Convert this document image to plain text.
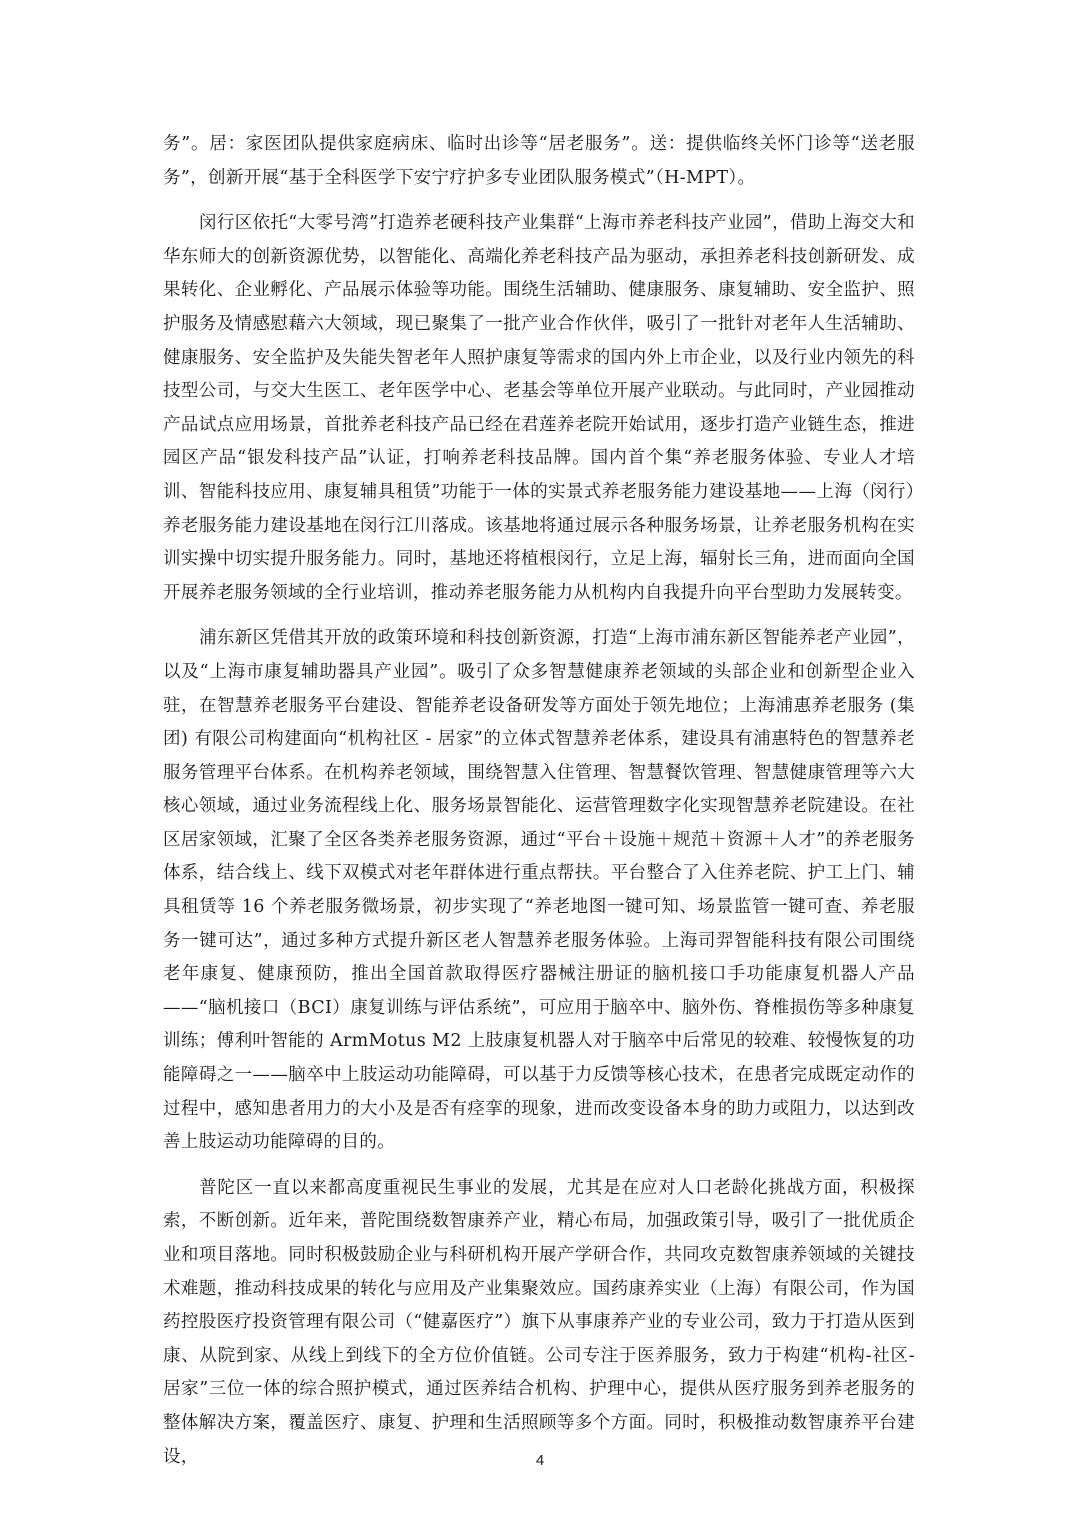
务”。居：家医团队提供家庭病床、临时出诊等“居老服务”。送：提供临终关怀门诊等“送老服务”，创新开展“基于全科医学下安宁疗护多专业团队服务模式”（H-MPT）。

闵行区依托“大零号湾”打造养老硬科技产业集群“上海市养老科技产业园”，借助上海交大和华东师大的创新资源优势，以智能化、高端化养老科技产品为驱动，承担养老科技创新研发、成果转化、企业孵化、产品展示体验等功能。围绕生活辅助、健康服务、康复辅助、安全监护、照护服务及情感慰藉六大领域，现已聚集了一批产业合作伙伴，吸引了一批针对老年人生活辅助、健康服务、安全监护及失能失智老年人照护康复等需求的国内外上市企业，以及行业内领先的科技型公司，与交大生医工、老年医学中心、老基会等单位开展产业联动。与此同时，产业园推动产品试点应用场景，首批养老科技产品已经在君莲养老院开始试用，逐步打造产业链生态，推进园区产品“银发科技产品”认证，打响养老科技品牌。国内首个集“养老服务体验、专业人才培训、智能科技应用、康复辅具租赁”功能于一体的实景式养老服务能力建设基地——上海（闵行）养老服务能力建设基地在闵行江川落成。该基地将通过展示各种服务场景，让养老服务机构在实训实操中切实提升服务能力。同时，基地还将植根闵行，立足上海，辐射长三角，进而面向全国开展养老服务领域的全行业培训，推动养老服务能力从机构内自我提升向平台型助力发展转变。

浦东新区凭借其开放的政策环境和科技创新资源，打造“上海市浦东新区智能养老产业园”，以及“上海市康复辅助器具产业园”。吸引了众多智慧健康养老领域的头部企业和创新型企业入驻，在智慧养老服务平台建设、智能养老设备研发等方面处于领先地位；上海浦惠养老服务 (集团) 有限公司构建面向“机构社区 - 居家”的立体式智慧养老体系，建设具有浦惠特色的智慧养老服务管理平台体系。在机构养老领域，围绕智慧入住管理、智慧餐饮管理、智慧健康管理等六大核心领域，通过业务流程线上化、服务场景智能化、运营管理数字化实现智慧养老院建设。在社区居家领域，汇聚了全区各类养老服务资源，通过“平台＋设施＋规范＋资源＋人才”的养老服务体系，结合线上、线下双模式对老年群体进行重点帮扶。平台整合了入住养老院、护工上门、辅具租赁等 16 个养老服务微场景，初步实现了“养老地图一键可知、场景监管一键可查、养老服务一键可达”，通过多种方式提升新区老人智慧养老服务体验。上海司羿智能科技有限公司围绕老年康复、健康预防，推出全国首款取得医疗器械注册证的脑机接口手功能康复机器人产品——“脑机接口（BCI）康复训练与评估系统”，可应用于脑卒中、脑外伤、脊椎损伤等多种康复训练；傅利叶智能的 ArmMotus M2 上肢康复机器人对于脑卒中后常见的较难、较慢恢复的功能障碍之一——脑卒中上肢运动功能障碍，可以基于力反馈等核心技术，在患者完成既定动作的过程中，感知患者用力的大小及是否有痉挛的现象，进而改变设备本身的助力或阻力，以达到改善上肢运动功能障碍的目的。

普陀区一直以来都高度重视民生事业的发展，尤其是在应对人口老龄化挑战方面，积极探索，不断创新。近年来，普陀围绕数智康养产业，精心布局，加强政策引导，吸引了一批优质企业和项目落地。同时积极鼓励企业与科研机构开展产学研合作，共同攻克数智康养领域的关键技术难题，推动科技成果的转化与应用及产业集聚效应。国药康养实业（上海）有限公司，作为国药控股医疗投资管理有限公司（“健嘉医疗”）旗下从事康养产业的专业公司，致力于打造从医到康、从院到家、从线上到线下的全方位价值链。公司专注于医养服务，致力于构建“机构-社区-居家”三位一体的综合照护模式，通过医养结合机构、护理中心，提供从医疗服务到养老服务的整体解决方案，覆盖医疗、康复、护理和生活照顾等多个方面。同时，积极推动数智康养平台建设，	4
